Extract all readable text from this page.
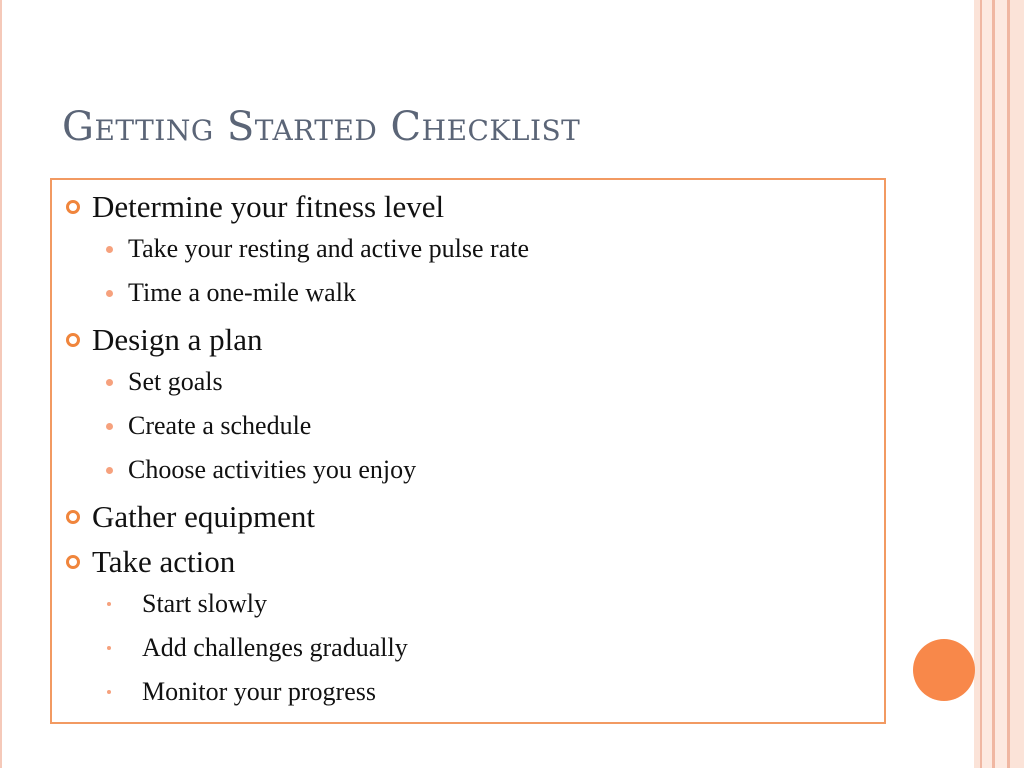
Getting Started Checklist
Determine your fitness level
Take your resting and active pulse rate
Time a one-mile walk
Design a plan
Set goals
Create a schedule
Choose activities you enjoy
Gather equipment
Take action
Start slowly
Add challenges gradually
Monitor your progress
